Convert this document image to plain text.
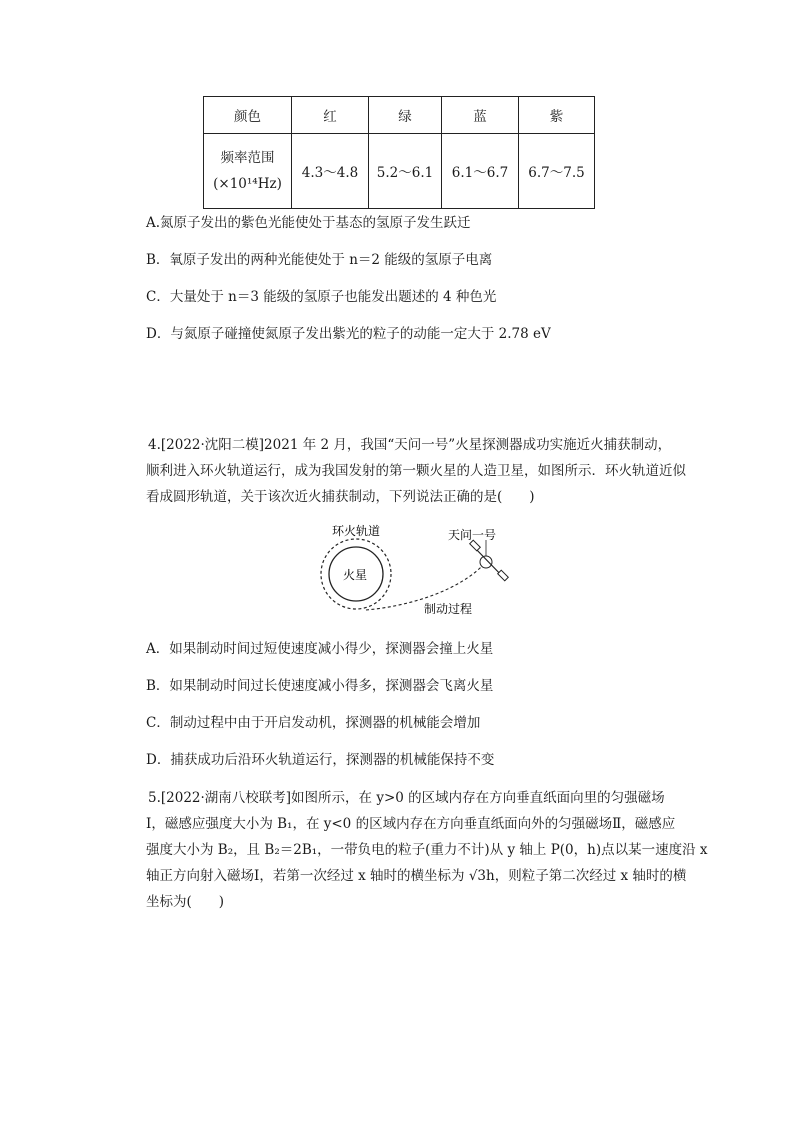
颜色	红	绿	蓝	紫

频率范围
(×10¹⁴Hz)	4.3～4.8	5.2～6.1	6.1～6.7	6.7～7.5
A.氮原子发出的紫色光能使处于基态的氢原子发生跃迁
B．氧原子发出的两种光能使处于 n＝2 能级的氢原子电离
C．大量处于 n＝3 能级的氢原子也能发出题述的 4 种色光
D．与氮原子碰撞使氮原子发出紫光的粒子的动能一定大于 2.78 eV
4.[2022·沈阳二模]2021 年 2 月，我国“天问一号”火星探测器成功实施近火捕获制动，
顺利进入环火轨道运行，成为我国发射的第一颗火星的人造卫星，如图所示．环火轨道近似
看成圆形轨道，关于该次近火捕获制动，下列说法正确的是(　　)
环火轨道
火星
天问一号
制动过程
A．如果制动时间过短使速度减小得少，探测器会撞上火星
B．如果制动时间过长使速度减小得多，探测器会飞离火星
C．制动过程中由于开启发动机，探测器的机械能会增加
D．捕获成功后沿环火轨道运行，探测器的机械能保持不变
5.[2022·湖南八校联考]如图所示，在 y>0 的区域内存在方向垂直纸面向里的匀强磁场
Ⅰ，磁感应强度大小为 B₁，在 y<0 的区域内存在方向垂直纸面向外的匀强磁场Ⅱ，磁感应
强度大小为 B₂，且 B₂＝2B₁，一带负电的粒子(重力不计)从 y 轴上 P(0，h)点以某一速度沿 x
轴正方向射入磁场Ⅰ，若第一次经过 x 轴时的横坐标为 √3h，则粒子第二次经过 x 轴时的横
坐标为(　　)
